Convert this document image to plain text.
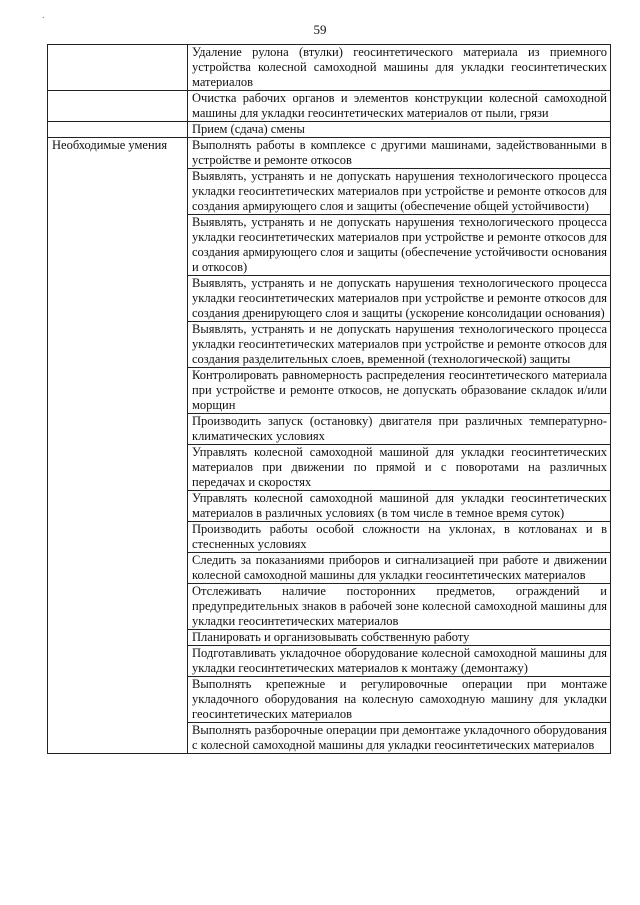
.
59
	Удаление рулона (втулки) геосинтетического материала из приемного устройства колесной самоходной машины для укладки геосинтетических материалов
	Очистка рабочих органов и элементов конструкции колесной самоходной машины для укладки геосинтетических материалов от пыли, грязи
	Прием (сдача) смены
Необходимые умения	Выполнять работы в комплексе с другими машинами, задействованными в устройстве и ремонте откосов
	Выявлять, устранять и не допускать нарушения технологического процесса укладки геосинтетических материалов при устройстве и ремонте откосов для создания армирующего слоя и защиты (обеспечение общей устойчивости)
	Выявлять, устранять и не допускать нарушения технологического процесса укладки геосинтетических материалов при устройстве и ремонте откосов для создания армирующего слоя и защиты (обеспечение устойчивости основания и откосов)
	Выявлять, устранять и не допускать нарушения технологического процесса укладки геосинтетических материалов при устройстве и ремонте откосов для создания дренирующего слоя и защиты (ускорение консолидации основания)
	Выявлять, устранять и не допускать нарушения технологического процесса укладки геосинтетических материалов при устройстве и ремонте откосов для создания разделительных слоев, временной (технологической) защиты
	Контролировать равномерность распределения геосинтетического материала при устройстве и ремонте откосов, не допускать образование складок и/или морщин
	Производить запуск (остановку) двигателя при различных температурно-климатических условиях
	Управлять колесной самоходной машиной для укладки геосинтетических материалов при движении по прямой и с поворотами на различных передачах и скоростях
	Управлять колесной самоходной машиной для укладки геосинтетических материалов в различных условиях (в том числе в темное время суток)
	Производить работы особой сложности на уклонах, в котлованах и в стесненных условиях
	Следить за показаниями приборов и сигнализацией при работе и движении колесной самоходной машины для укладки геосинтетических материалов
	Отслеживать наличие посторонних предметов, ограждений и предупредительных знаков в рабочей зоне колесной самоходной машины для укладки геосинтетических материалов
	Планировать и организовывать собственную работу
	Подготавливать укладочное оборудование колесной самоходной машины для укладки геосинтетических материалов к монтажу (демонтажу)
	Выполнять крепежные и регулировочные операции при монтаже укладочного оборудования на колесную самоходную машину для укладки геосинтетических материалов
	Выполнять разборочные операции при демонтаже укладочного оборудования с колесной самоходной машины для укладки геосинтетических материалов
